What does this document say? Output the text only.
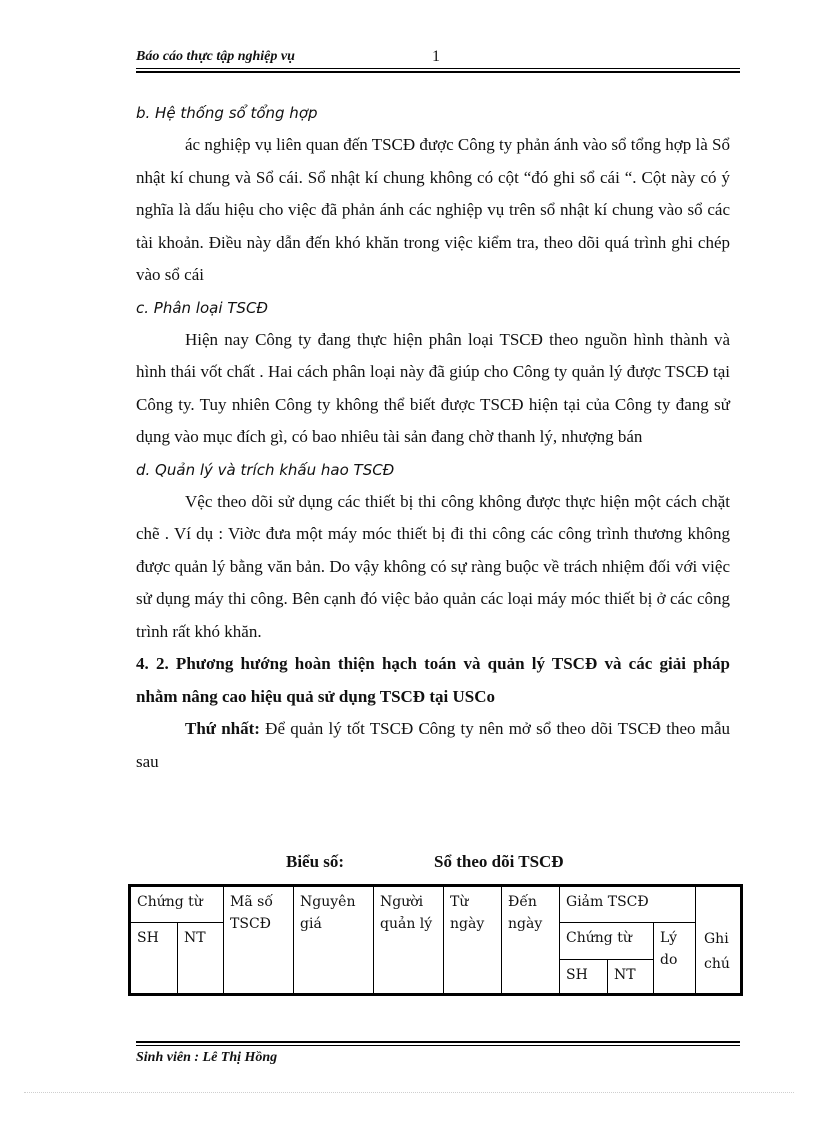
Báo cáo thực tập nghiệp vụ	1

b. Hệ thống sổ tổng hợp

ác nghiệp vụ liên quan đến TSCĐ được Công ty phản ánh vào sổ tổng hợp là Sổ nhật kí chung và Sổ cái. Sổ nhật kí chung không có cột “đó ghi sổ cái “. Cột này có ý nghĩa là dấu hiệu cho việc đã phản ánh các nghiệp vụ trên sổ nhật kí chung vào sổ các tài khoản. Điều này dẫn đến khó khăn trong việc kiểm tra, theo dõi quá trình ghi chép vào sổ cái

c. Phân loại TSCĐ

Hiện nay Công ty đang thực hiện phân loại TSCĐ theo nguồn hình thành và hình thái vốt chất . Hai cách phân loại này đã giúp cho Công ty quản lý được TSCĐ tại Công ty. Tuy nhiên Công ty không thể biết được TSCĐ hiện tại của Công ty đang sử dụng vào mục đích gì, có bao nhiêu tài sản đang chờ thanh lý, nhượng bán

d. Quản lý và trích khấu hao TSCĐ

Vệc theo dõi sử dụng các thiết bị thi công không được thực hiện một cách chặt chẽ . Ví dụ : Viờc đưa một máy móc thiết bị đi thi công các công trình thương không được quản lý bằng văn bản. Do vậy không có sự ràng buộc về trách nhiệm đối với việc sử dụng máy thi công. Bên cạnh đó việc bảo quản các loại máy móc thiết bị ở các công trình rất khó khăn.

4. 2. Phương hướng hoàn thiện hạch toán và quản lý TSCĐ và các giải pháp nhằm nâng cao hiệu quả sử dụng TSCĐ tại USCo

Thứ nhất: Để quản lý tốt TSCĐ Công ty nên mở sổ theo dõi TSCĐ theo mẫu sau

Biểu số:	Sổ theo dõi TSCĐ
Chứng từ		Mã số TSCĐ	Nguyên giá	Người quản lý	Từ ngày	Đến ngày	Giảm TSCĐ			
SH	NT						Chứng từ		Lý do	
							SH	NT		
Ghi chú
Sinh viên : Lê Thị Hồng
